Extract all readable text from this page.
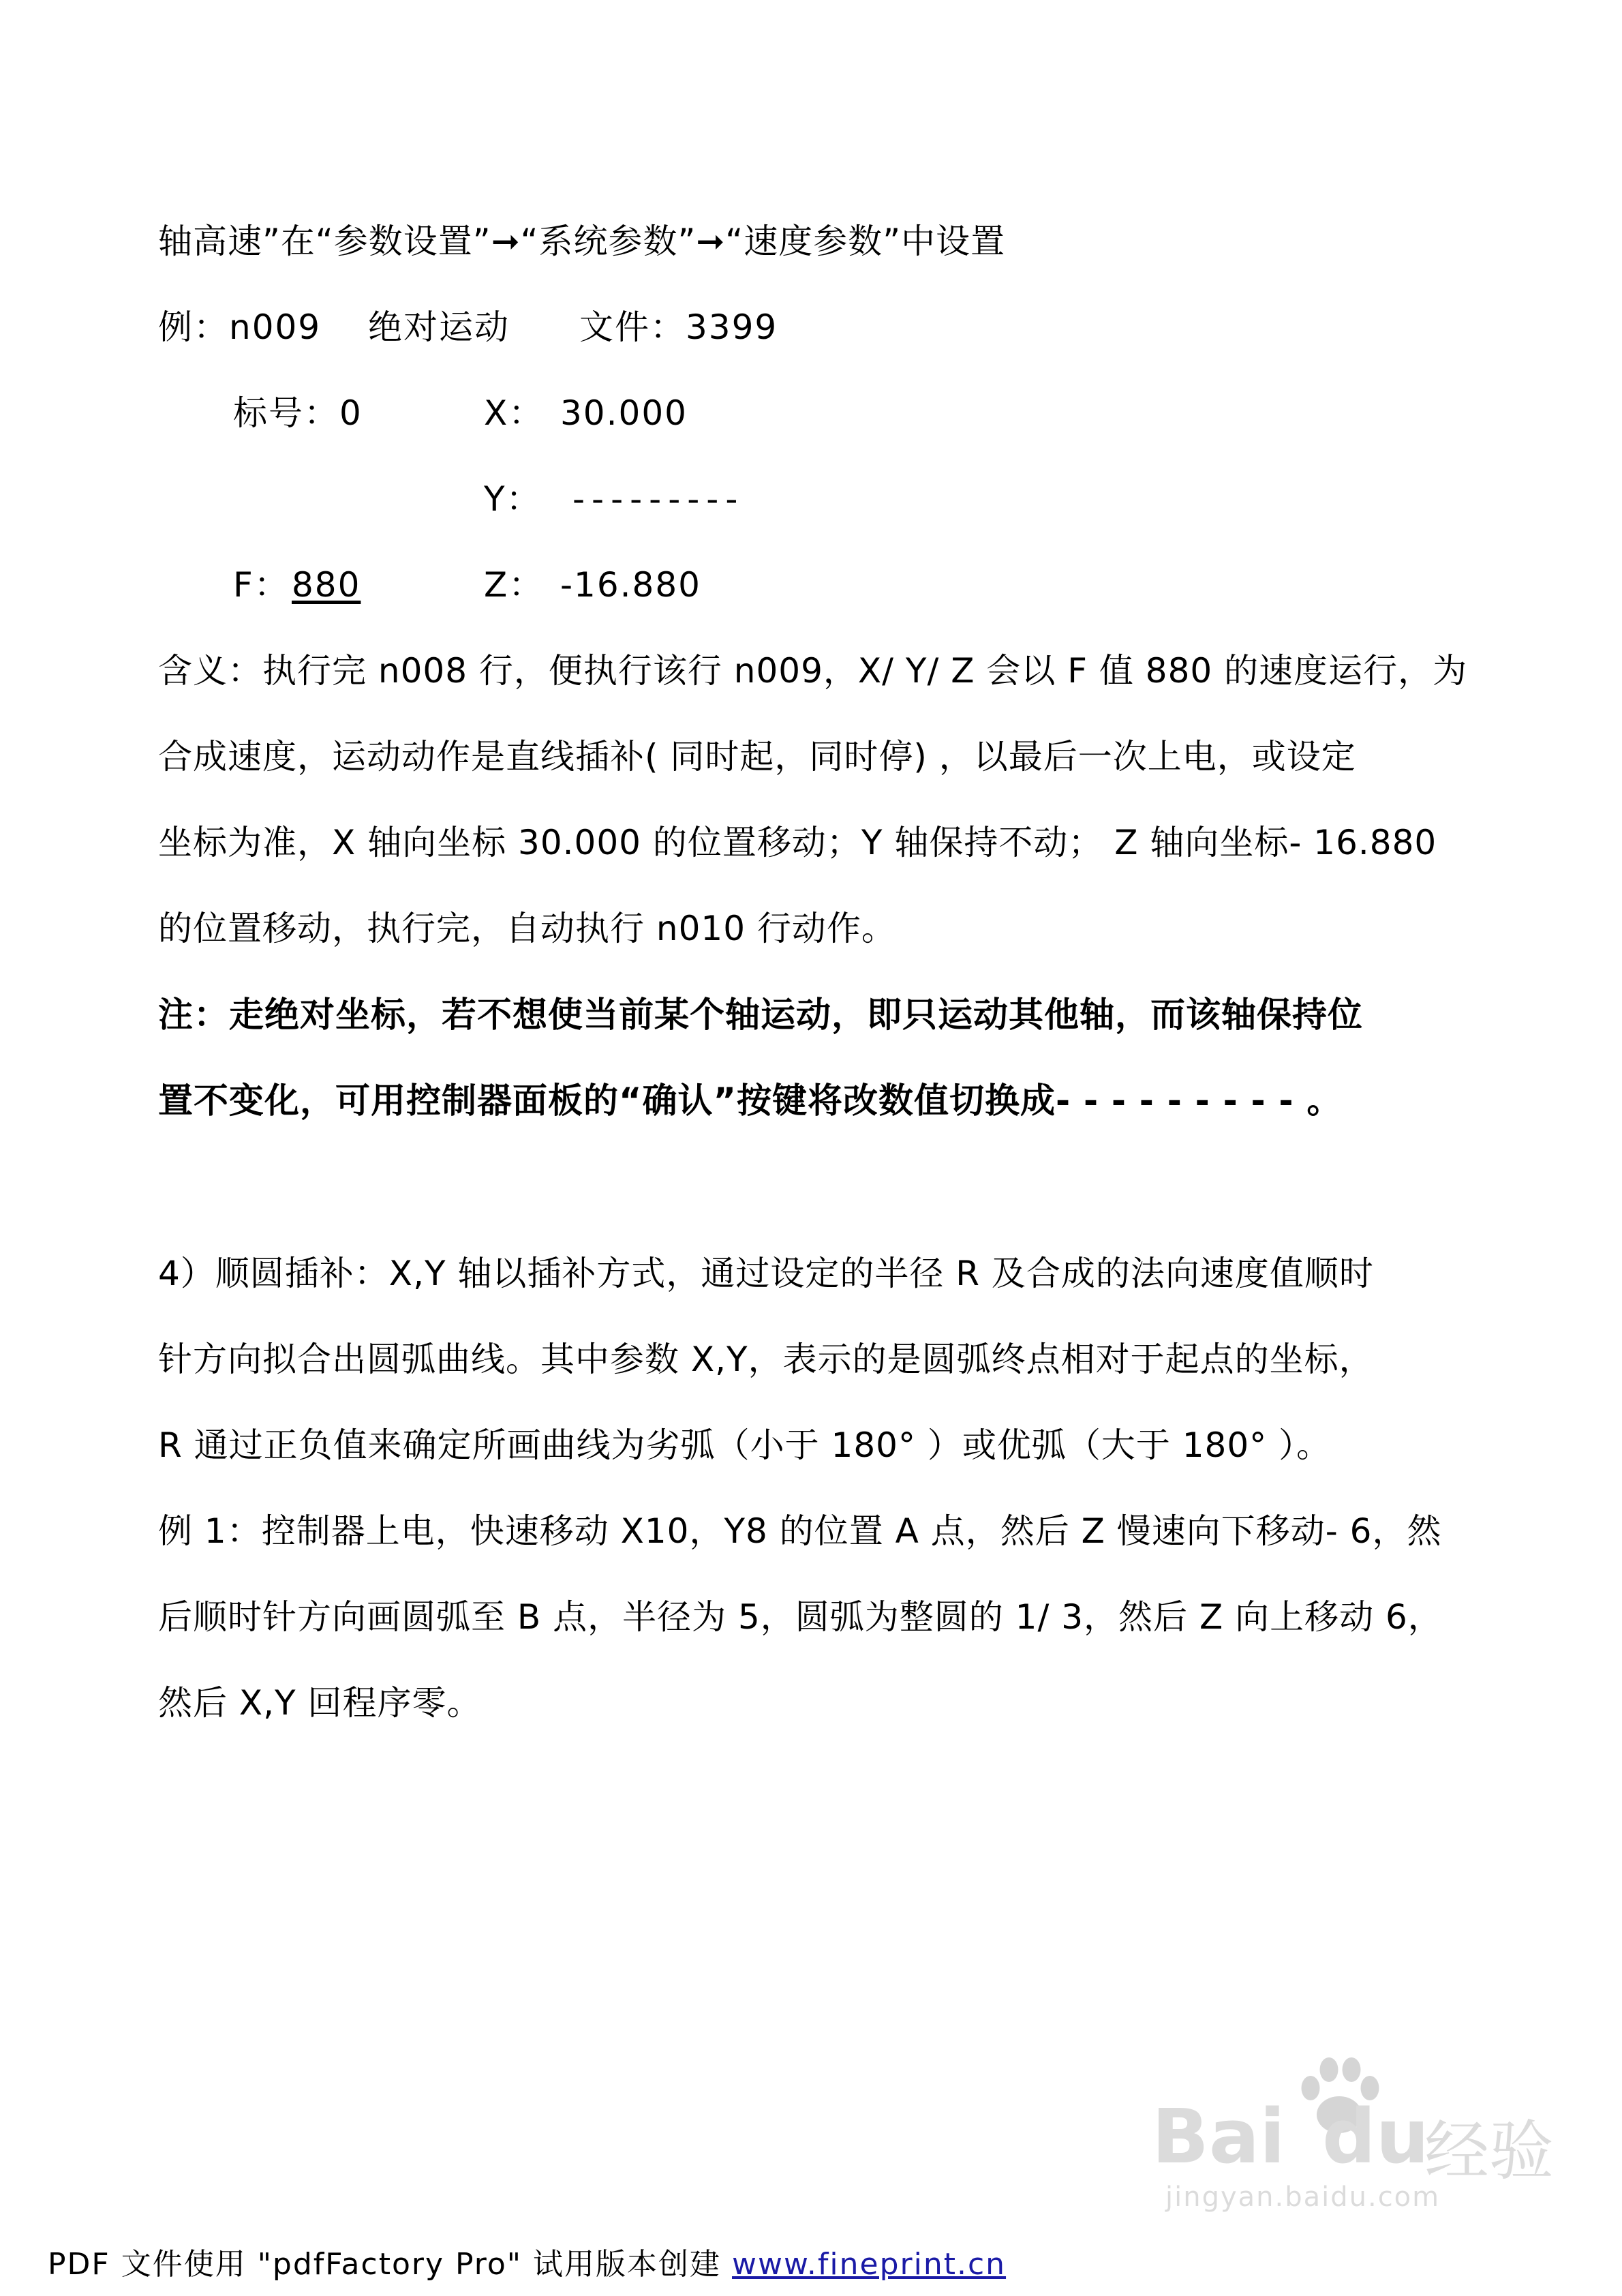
轴高速”在“参数设置”➞“系统参数”➞“速度参数”中设置
例：n009 绝对运动 文件：3399
标号：0	X： 30.000
Y： ---------
F： 880	Z： -16.880
含义：执行完 n008 行，便执行该行 n009，X/ Y/ Z 会以 F 值 880 的速度运行，为
合成速度，运动动作是直线插补( 同时起，同时停) ，以最后一次上电，或设定
坐标为准，X 轴向坐标 30.000 的位置移动；Y 轴保持不动； Z 轴向坐标- 16.880
的位置移动，执行完，自动执行 n010 行动作。
注：走绝对坐标，若不想使当前某个轴运动，即只运动其他轴，而该轴保持位
置不变化，可用控制器面板的“确认”按键将改数值切换成- - - - - - - - - 。
4）顺圆插补：X,Y 轴以插补方式，通过设定的半径 R 及合成的法向速度值顺时
针方向拟合出圆弧曲线。其中参数 X,Y，表示的是圆弧终点相对于起点的坐标，
R 通过正负值来确定所画曲线为劣弧（小于 180° ）或优弧（大于 180° ）。
例 1：控制器上电，快速移动 X10，Y8 的位置 A 点，然后 Z 慢速向下移动- 6，然
后顺时针方向画圆弧至 B 点，半径为 5，圆弧为整圆的 1/ 3，然后 Z 向上移动 6，
然后 X,Y 回程序零。
Bai du
经验
jingyan.baidu.com
PDF 文件使用 "pdfFactory Pro" 试用版本创建 www.fineprint.cn
